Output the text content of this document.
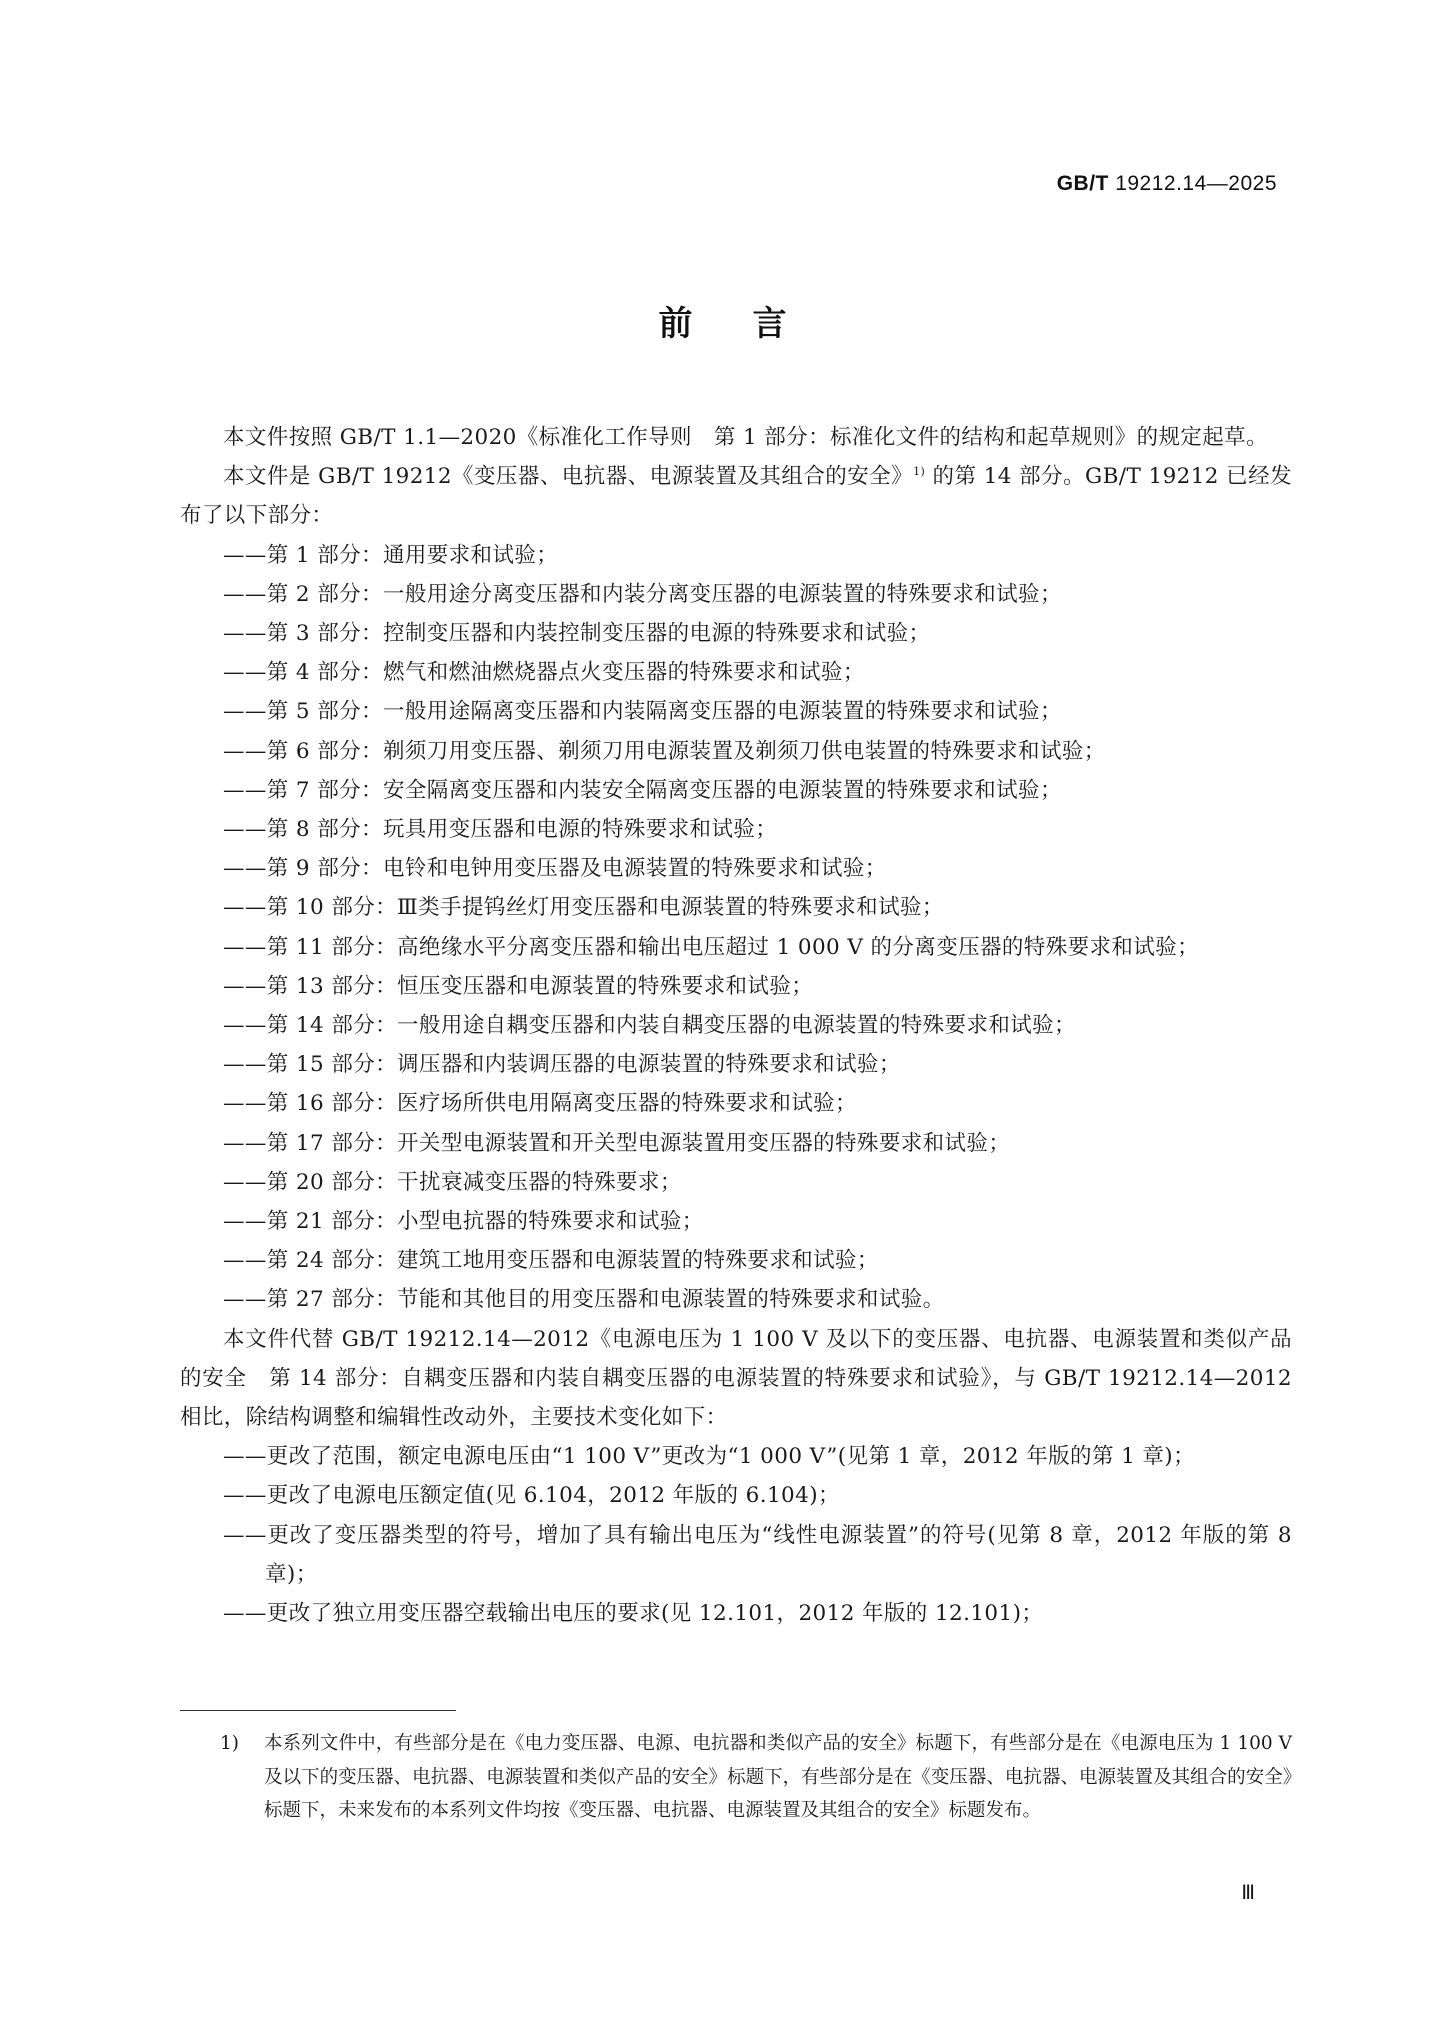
GB/T 19212.14—2025
前言
本文件按照 GB/T 1.1—2020《标准化工作导则　第 1 部分：标准化文件的结构和起草规则》的规定起草。
本文件是 GB/T 19212《变压器、电抗器、电源装置及其组合的安全》$^{1)}$ 的第 14 部分。GB/T 19212 已经发布了以下部分：
——第 1 部分：通用要求和试验；
——第 2 部分：一般用途分离变压器和内装分离变压器的电源装置的特殊要求和试验；
——第 3 部分：控制变压器和内装控制变压器的电源的特殊要求和试验；
——第 4 部分：燃气和燃油燃烧器点火变压器的特殊要求和试验；
——第 5 部分：一般用途隔离变压器和内装隔离变压器的电源装置的特殊要求和试验；
——第 6 部分：剃须刀用变压器、剃须刀用电源装置及剃须刀供电装置的特殊要求和试验；
——第 7 部分：安全隔离变压器和内装安全隔离变压器的电源装置的特殊要求和试验；
——第 8 部分：玩具用变压器和电源的特殊要求和试验；
——第 9 部分：电铃和电钟用变压器及电源装置的特殊要求和试验；
——第 10 部分：Ⅲ类手提钨丝灯用变压器和电源装置的特殊要求和试验；
——第 11 部分：高绝缘水平分离变压器和输出电压超过 1 000 V 的分离变压器的特殊要求和试验；
——第 13 部分：恒压变压器和电源装置的特殊要求和试验；
——第 14 部分：一般用途自耦变压器和内装自耦变压器的电源装置的特殊要求和试验；
——第 15 部分：调压器和内装调压器的电源装置的特殊要求和试验；
——第 16 部分：医疗场所供电用隔离变压器的特殊要求和试验；
——第 17 部分：开关型电源装置和开关型电源装置用变压器的特殊要求和试验；
——第 20 部分：干扰衰减变压器的特殊要求；
——第 21 部分：小型电抗器的特殊要求和试验；
——第 24 部分：建筑工地用变压器和电源装置的特殊要求和试验；
——第 27 部分：节能和其他目的用变压器和电源装置的特殊要求和试验。
本文件代替 GB/T 19212.14—2012《电源电压为 1 100 V 及以下的变压器、电抗器、电源装置和类似产品的安全　第 14 部分：自耦变压器和内装自耦变压器的电源装置的特殊要求和试验》，与 GB/T 19212.14—2012 相比，除结构调整和编辑性改动外，主要技术变化如下：
——更改了范围，额定电源电压由“1 100 V”更改为“1 000 V”(见第 1 章，2012 年版的第 1 章)；
——更改了电源电压额定值(见 6.104，2012 年版的 6.104)；
——更改了变压器类型的符号，增加了具有输出电压为“线性电源装置”的符号(见第 8 章，2012 年版的第 8 章)；
——更改了独立用变压器空载输出电压的要求(见 12.101，2012 年版的 12.101)；
1)	本系列文件中，有些部分是在《电力变压器、电源、电抗器和类似产品的安全》标题下，有些部分是在《电源电压为 1 100 V 及以下的变压器、电抗器、电源装置和类似产品的安全》标题下，有些部分是在《变压器、电抗器、电源装置及其组合的安全》标题下，未来发布的本系列文件均按《变压器、电抗器、电源装置及其组合的安全》标题发布。
Ⅲ
